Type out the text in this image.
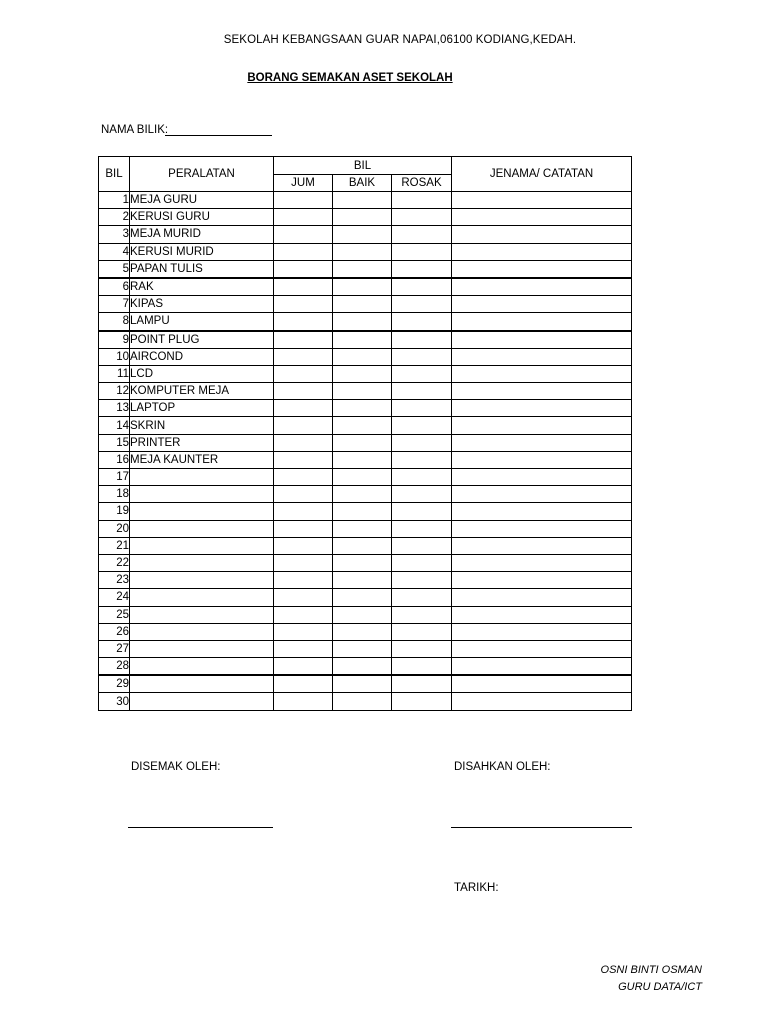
SEKOLAH KEBANGSAAN GUAR NAPAI,06100 KODIANG,KEDAH.
BORANG SEMAKAN ASET SEKOLAH
NAMA BILIK:
BIL	PERALATAN	BIL			JENAMA/ CATATAN
		JUM	BAIK	ROSAK	
1	MEJA GURU				
2	KERUSI GURU				
3	MEJA MURID				
4	KERUSI MURID				
5	PAPAN TULIS				
6	RAK				
7	KIPAS				
8	LAMPU				
9	POINT PLUG				
10	AIRCOND				
11	LCD				
12	KOMPUTER MEJA				
13	LAPTOP				
14	SKRIN				
15	PRINTER				
16	MEJA KAUNTER				
17					
18					
19					
20					
21					
22					
23					
24					
25					
26					
27					
28					
29					
30					
DISEMAK OLEH:	DISAHKAN OLEH:
TARIKH:
OSNI BINTI OSMAN
GURU DATA/ICT
